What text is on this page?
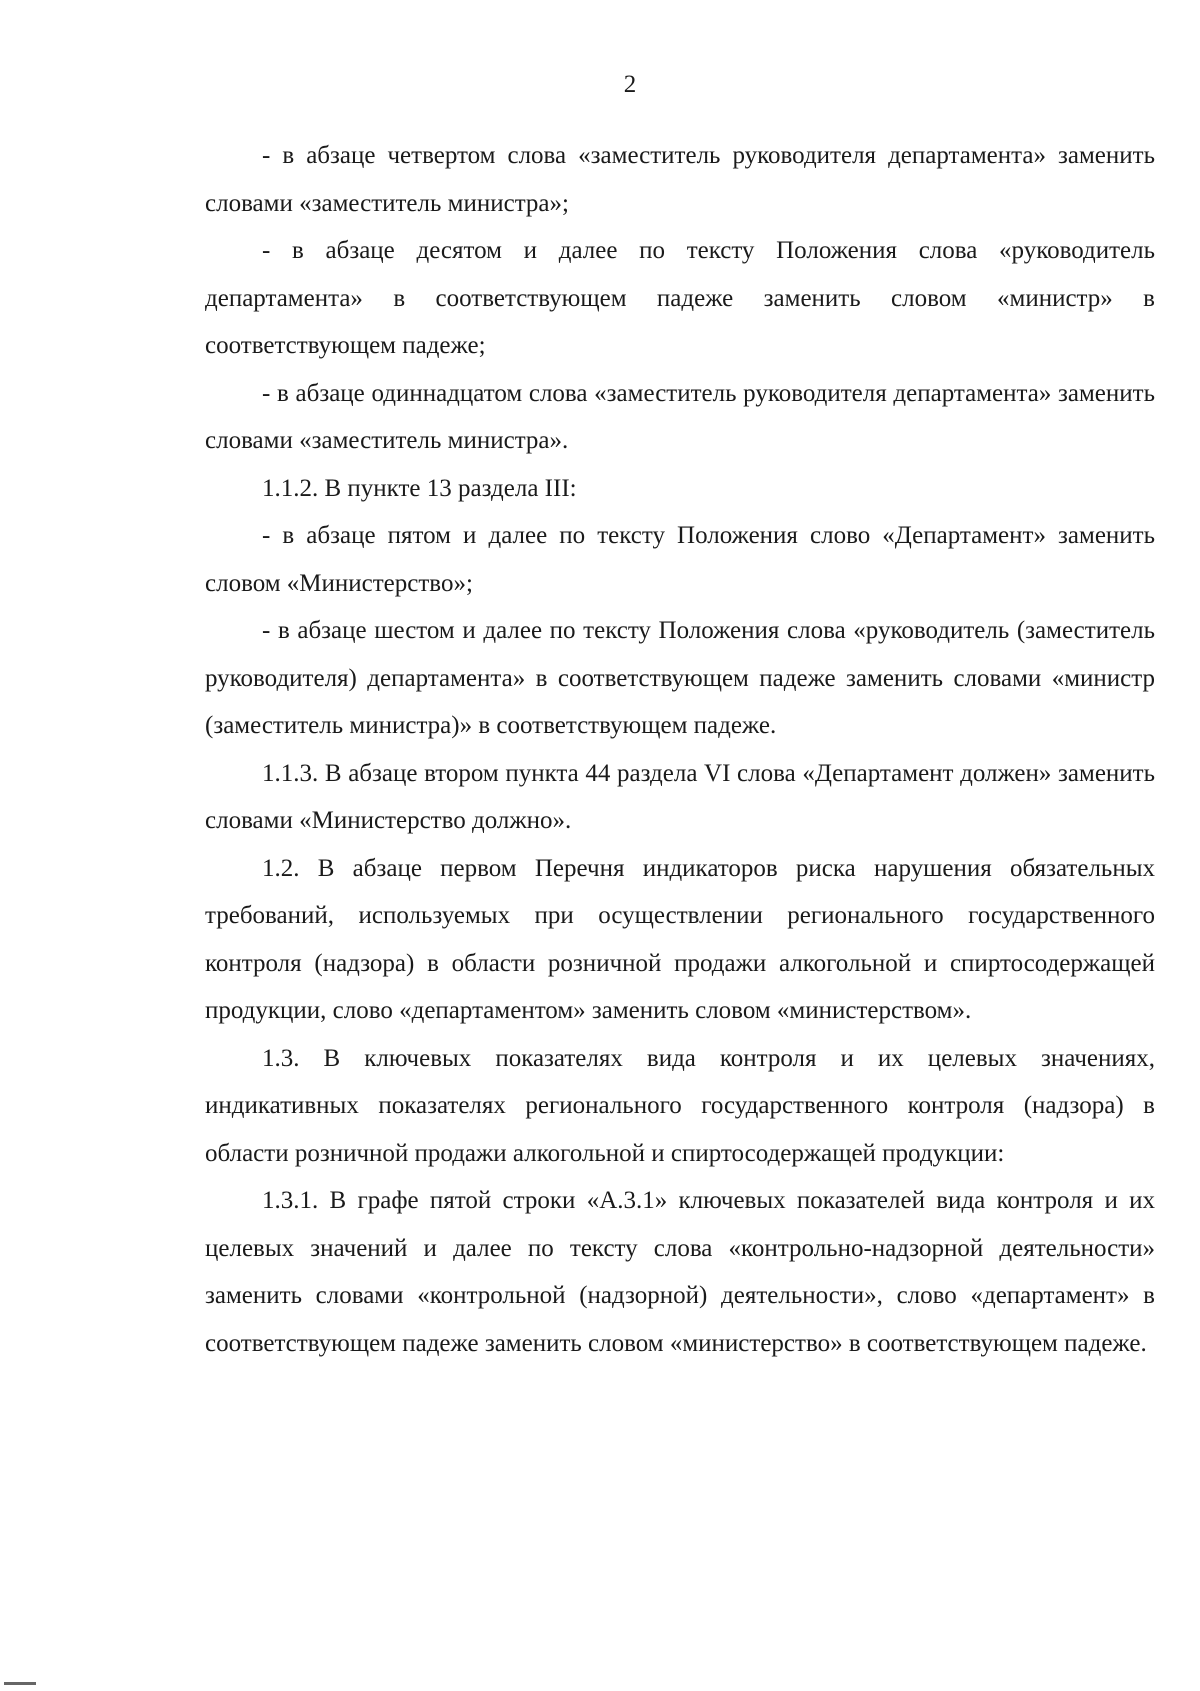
2

- в абзаце четвертом слова «заместитель руководителя департамента» заменить словами «заместитель министра»;

- в абзаце десятом и далее по тексту Положения слова «руководитель департамента» в соответствующем падеже заменить словом «министр» в соответствующем падеже;

- в абзаце одиннадцатом слова «заместитель руководителя департамента» заменить словами «заместитель министра».

1.1.2. В пункте 13 раздела III:

- в абзаце пятом и далее по тексту Положения слово «Департамент» заменить словом «Министерство»;

- в абзаце шестом и далее по тексту Положения слова «руководитель (заместитель руководителя) департамента» в соответствующем падеже заменить словами «министр (заместитель министра)» в соответствующем падеже.

1.1.3. В абзаце втором пункта 44 раздела VI слова «Департамент должен» заменить словами «Министерство должно».

1.2. В абзаце первом Перечня индикаторов риска нарушения обязательных требований, используемых при осуществлении регионального государственного контроля (надзора) в области розничной продажи алкогольной и спиртосодержащей продукции, слово «департаментом» заменить словом «министерством».

1.3. В ключевых показателях вида контроля и их целевых значениях, индикативных показателях регионального государственного контроля (надзора) в области розничной продажи алкогольной и спиртосодержащей продукции:

1.3.1. В графе пятой строки «А.3.1» ключевых показателей вида контроля и их целевых значений и далее по тексту слова «контрольно-надзорной деятельности» заменить словами «контрольной (надзорной) деятельности», слово «департамент» в соответствующем падеже заменить словом «министерство» в соответствующем падеже.
